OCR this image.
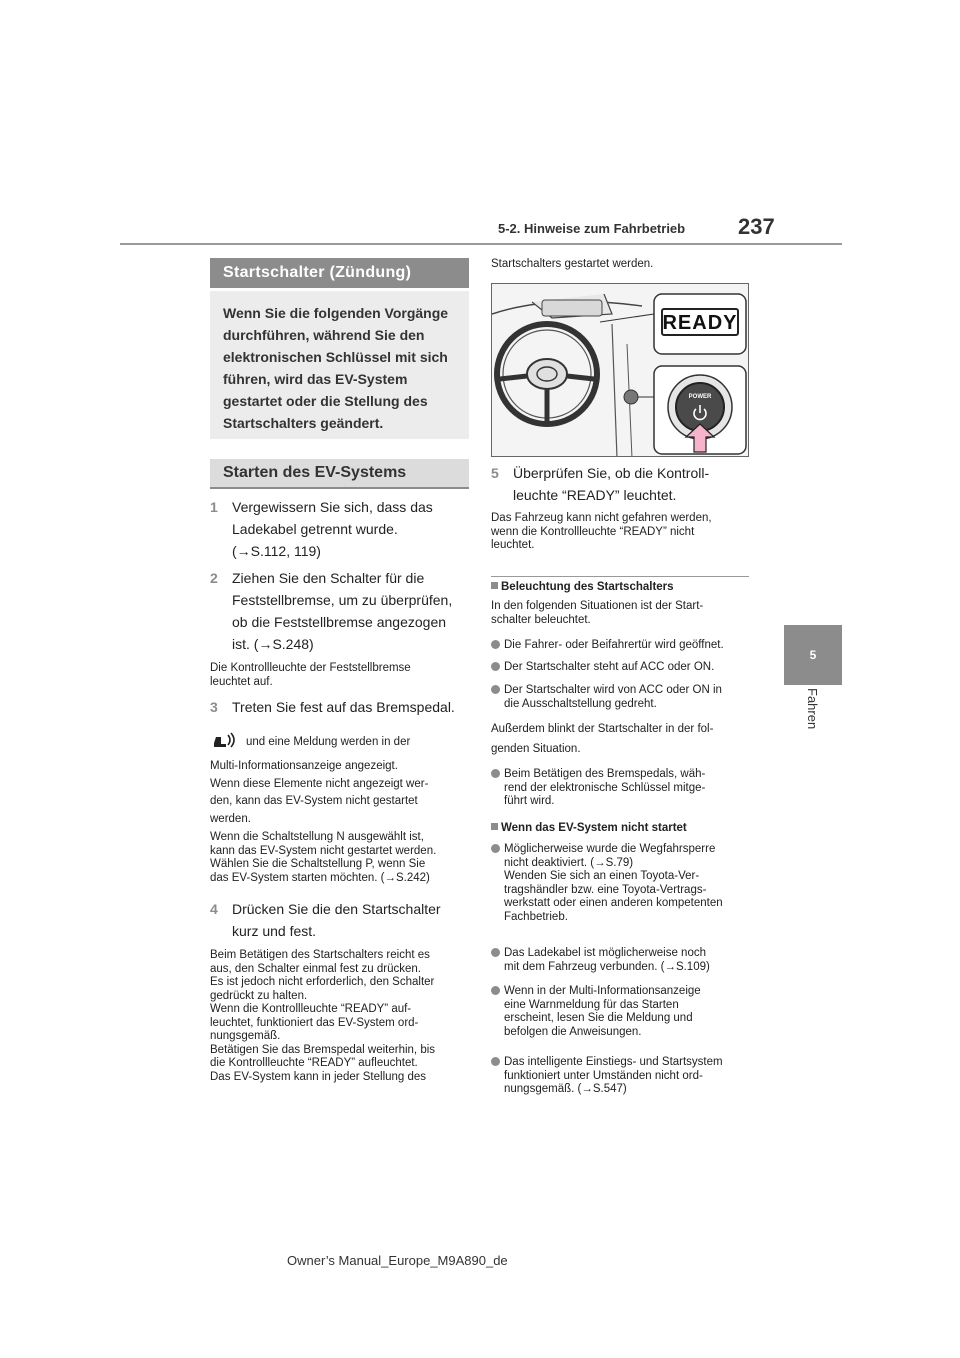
5-2. Hinweise zum Fahrbetrieb 237
5
Fahren
Startschalter (Zündung)
Wenn Sie die folgenden Vorgänge
durchführen, während Sie den
elektronischen Schlüssel mit sich
führen, wird das EV-System
gestartet oder die Stellung des
Startschalters geändert.
Starten des EV-Systems
1 Vergewissern Sie sich, dass das
Ladekabel getrennt wurde.
(→S.112, 119)
2 Ziehen Sie den Schalter für die
Feststellbremse, um zu überprüfen,
ob die Feststellbremse angezogen
ist. (→S.248)
Die Kontrollleuchte der Feststellbremse
leuchtet auf.
3 Treten Sie fest auf das Bremspedal.
und eine Meldung werden in der
Multi-Informationsanzeige angezeigt.
Wenn diese Elemente nicht angezeigt wer-
den, kann das EV-System nicht gestartet
werden.
Wenn die Schaltstellung N ausgewählt ist,
kann das EV-System nicht gestartet werden.
Wählen Sie die Schaltstellung P, wenn Sie
das EV-System starten möchten. (→S.242)
4 Drücken Sie die den Startschalter
kurz und fest.
Beim Betätigen des Startschalters reicht es
aus, den Schalter einmal fest zu drücken.
Es ist jedoch nicht erforderlich, den Schalter
gedrückt zu halten.
Wenn die Kontrollleuchte “READY” auf-
leuchtet, funktioniert das EV-System ord-
nungsgemäß.
Betätigen Sie das Bremspedal weiterhin, bis
die Kontrollleuchte “READY” aufleuchtet.
Das EV-System kann in jeder Stellung des
Startschalters gestartet werden.
READY
POWER
5 Überprüfen Sie, ob die Kontroll-
leuchte “READY” leuchtet.
Das Fahrzeug kann nicht gefahren werden,
wenn die Kontrollleuchte “READY” nicht
leuchtet.
Beleuchtung des Startschalters
In den folgenden Situationen ist der Start-
schalter beleuchtet.
Die Fahrer- oder Beifahrertür wird geöffnet.
Der Startschalter steht auf ACC oder ON.
Der Startschalter wird von ACC oder ON in
die Ausschaltstellung gedreht.
Außerdem blinkt der Startschalter in der fol-
genden Situation.
Beim Betätigen des Bremspedals, wäh-
rend der elektronische Schlüssel mitge-
führt wird.
Wenn das EV-System nicht startet
Möglicherweise wurde die Wegfahrsperre
nicht deaktiviert. (→S.79)
Wenden Sie sich an einen Toyota-Ver-
tragshändler bzw. eine Toyota-Vertrags-
werkstatt oder einen anderen kompetenten
Fachbetrieb.
Das Ladekabel ist möglicherweise noch
mit dem Fahrzeug verbunden. (→S.109)
Wenn in der Multi-Informationsanzeige
eine Warnmeldung für das Starten
erscheint, lesen Sie die Meldung und
befolgen die Anweisungen.
Das intelligente Einstiegs- und Startsystem
funktioniert unter Umständen nicht ord-
nungsgemäß. (→S.547)
Owner’s Manual_Europe_M9A890_de
